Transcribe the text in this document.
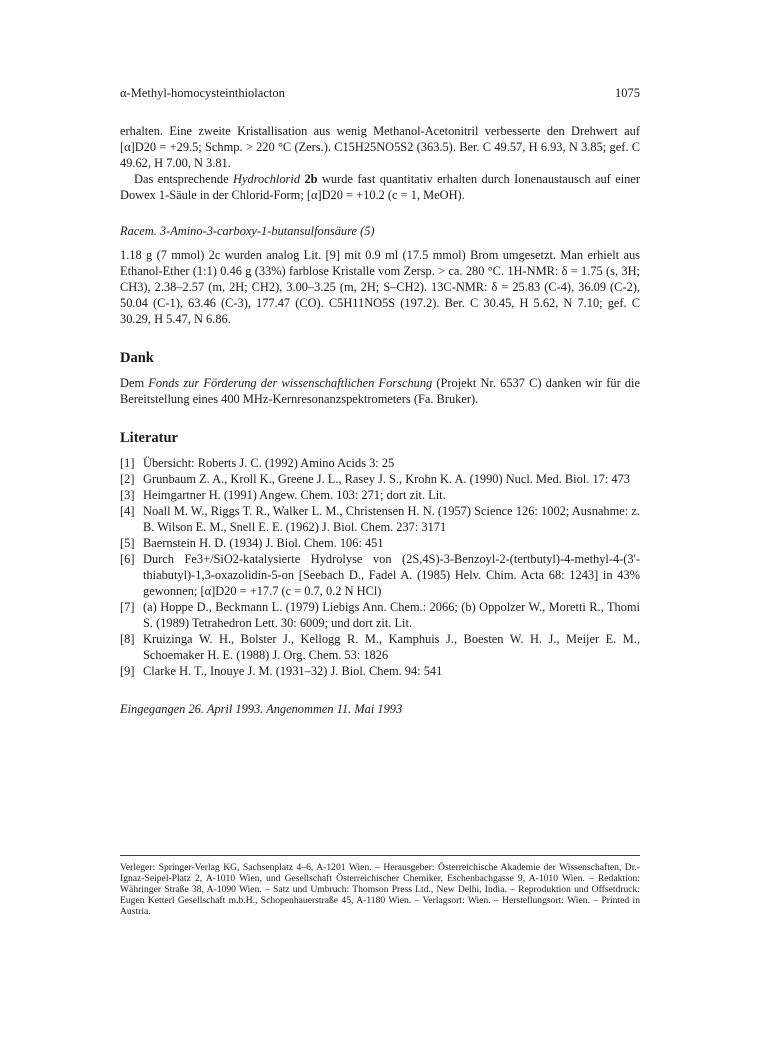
α-Methyl-homocysteinthiolacton	1075

erhalten. Eine zweite Kristallisation aus wenig Methanol-Acetonitril verbesserte den Drehwert auf [α]D20 = +29.5; Schmp. > 220 °C (Zers.). C15H25NO5S2 (363.5). Ber. C 49.57, H 6.93, N 3.85; gef. C 49.62, H 7.00, N 3.81.

Das entsprechende Hydrochlorid 2b wurde fast quantitativ erhalten durch Ionenaustausch auf einer Dowex 1-Säule in der Chlorid-Form; [α]D20 = +10.2 (c = 1, MeOH).

Racem. 3-Amino-3-carboxy-1-butansulfonsäure (5)

1.18 g (7 mmol) 2c wurden analog Lit. [9] mit 0.9 ml (17.5 mmol) Brom umgesetzt. Man erhielt aus Ethanol-Ether (1:1) 0.46 g (33%) farblose Kristalle vom Zersp. > ca. 280 °C. 1H-NMR: δ = 1.75 (s, 3H; CH3), 2.38–2.57 (m, 2H; CH2), 3.00–3.25 (m, 2H; S–CH2). 13C-NMR: δ = 25.83 (C-4), 36.09 (C-2), 50.04 (C-1), 63.46 (C-3), 177.47 (CO). C5H11NO5S (197.2). Ber. C 30.45, H 5.62, N 7.10; gef. C 30.29, H 5.47, N 6.86.

Dank

Dem Fonds zur Förderung der wissenschaftlichen Forschung (Projekt Nr. 6537 C) danken wir für die Bereitstellung eines 400 MHz-Kernresonanzspektrometers (Fa. Bruker).

Literatur
[1] Übersicht: Roberts J. C. (1992) Amino Acids 3: 25
[2] Grunbaum Z. A., Kroll K., Greene J. L., Rasey J. S., Krohn K. A. (1990) Nucl. Med. Biol. 17: 473
[3] Heimgartner H. (1991) Angew. Chem. 103: 271; dort zit. Lit.
[4] Noall M. W., Riggs T. R., Walker L. M., Christensen H. N. (1957) Science 126: 1002; Ausnahme: z. B. Wilson E. M., Snell E. E. (1962) J. Biol. Chem. 237: 3171
[5] Baernstein H. D. (1934) J. Biol. Chem. 106: 451
[6] Durch Fe3+/SiO2-katalysierte Hydrolyse von (2S,4S)-3-Benzoyl-2-(tertbutyl)-4-methyl-4-(3'-thiabutyl)-1,3-oxazolidin-5-on [Seebach D., Fadel A. (1985) Helv. Chim. Acta 68: 1243] in 43% gewonnen; [α]D20 = +17.7 (c = 0.7, 0.2 N HCl)
[7] (a) Hoppe D., Beckmann L. (1979) Liebigs Ann. Chem.: 2066; (b) Oppolzer W., Moretti R., Thomi S. (1989) Tetrahedron Lett. 30: 6009; und dort zit. Lit.
[8] Kruizinga W. H., Bolster J., Kellogg R. M., Kamphuis J., Boesten W. H. J., Meijer E. M., Schoemaker H. E. (1988) J. Org. Chem. 53: 1826
[9] Clarke H. T., Inouye J. M. (1931–32) J. Biol. Chem. 94: 541

Eingegangen 26. April 1993. Angenommen 11. Mai 1993

Verleger: Springer-Verlag KG, Sachsenplatz 4–6, A-1201 Wien. – Herausgeber: Österreichische Akademie der Wissenschaften, Dr.-Ignaz-Seipel-Platz 2, A-1010 Wien, und Gesellschaft Österreichischer Chemiker, Eschenbachgasse 9, A-1010 Wien. – Redaktion: Währinger Straße 38, A-1090 Wien. – Satz und Umbruch: Thomson Press Ltd., New Delhi, India. – Reproduktion und Offsetdruck: Eugen Ketterl Gesellschaft m.b.H., Schopenhauerstraße 45, A-1180 Wien. – Verlagsort: Wien. – Herstellungsort: Wien. – Printed in Austria.
